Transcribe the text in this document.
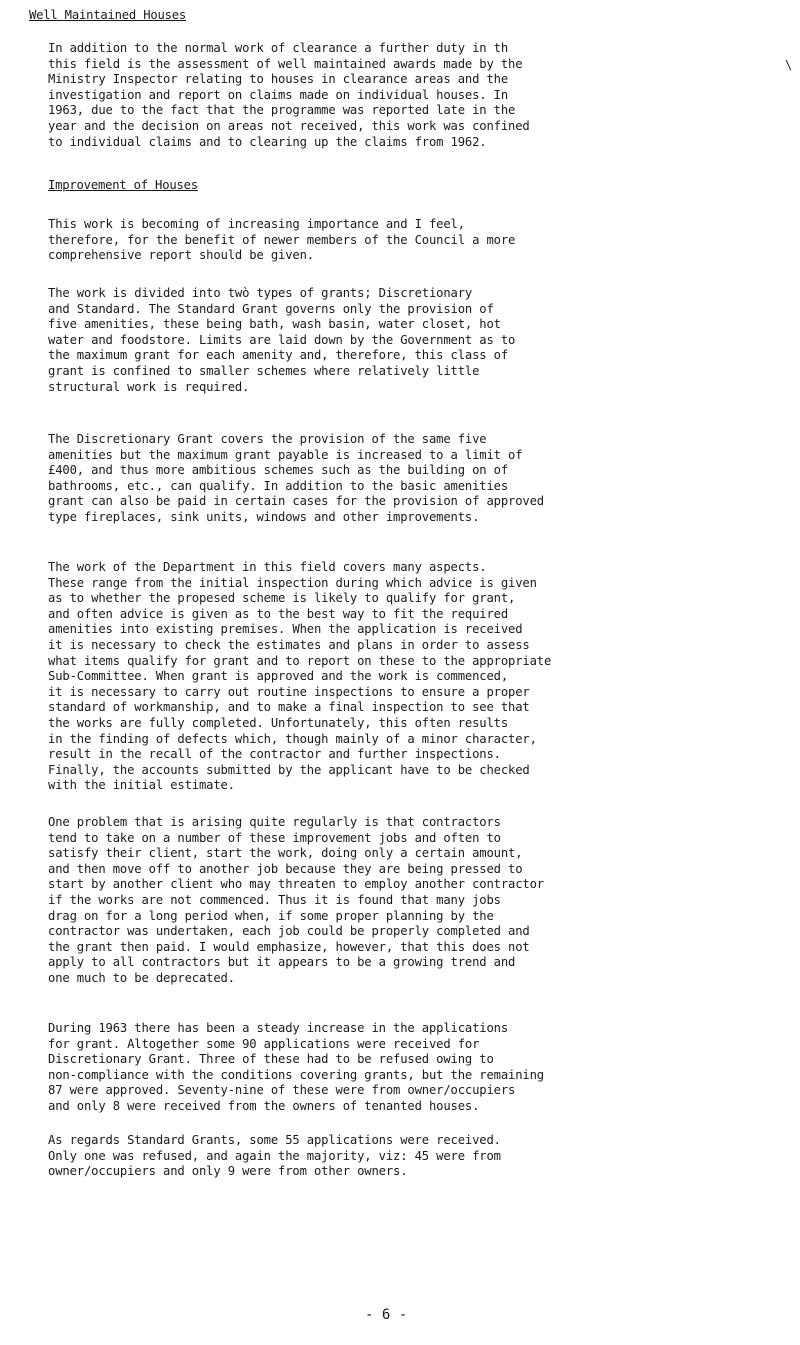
Well Maintained Houses
\
In addition to the normal work of clearance a further duty in th
this field is the assessment of well maintained awards made by the
Ministry Inspector relating to houses in clearance areas and the
investigation and report on claims made on individual houses. In
1963, due to the fact that the programme was reported late in the
year and the decision on areas not received, this work was confined
to individual claims and to clearing up the claims from 1962.
Improvement of Houses
This work is becoming of increasing importance and I feel,
therefore, for the benefit of newer members of the Council a more
comprehensive report should be given.
The work is divided into twò types of grants; Discretionary
and Standard. The Standard Grant governs only the provision of
five amenities, these being bath, wash basin, water closet, hot
water and foodstore. Limits are laid down by the Government as to
the maximum grant for each amenity and, therefore, this class of
grant is confined to smaller schemes where relatively little
structural work is required.
The Discretionary Grant covers the provision of the same five
amenities but the maximum grant payable is increased to a limit of
£400, and thus more ambitious schemes such as the building on of
bathrooms, etc., can qualify. In addition to the basic amenities
grant can also be paid in certain cases for the provision of approved
type fireplaces, sink units, windows and other improvements.
The work of the Department in this field covers many aspects.
These range from the initial inspection during which advice is given
as to whether the propesed scheme is likely to qualify for grant,
and often advice is given as to the best way to fit the required
amenities into existing premises. When the application is received
it is necessary to check the estimates and plans in order to assess
what items qualify for grant and to report on these to the appropriate
Sub-Committee. When grant is approved and the work is commenced,
it is necessary to carry out routine inspections to ensure a proper
standard of workmanship, and to make a final inspection to see that
the works are fully completed. Unfortunately, this often results
in the finding of defects which, though mainly of a minor character,
result in the recall of the contractor and further inspections.
Finally, the accounts submitted by the applicant have to be checked
with the initial estimate.
One problem that is arising quite regularly is that contractors
tend to take on a number of these improvement jobs and often to
satisfy their client, start the work, doing only a certain amount,
and then move off to another job because they are being pressed to
start by another client who may threaten to employ another contractor
if the works are not commenced. Thus it is found that many jobs
drag on for a long period when, if some proper planning by the
contractor was undertaken, each job could be properly completed and
the grant then paid. I would emphasize, however, that this does not
apply to all contractors but it appears to be a growing trend and
one much to be deprecated.
During 1963 there has been a steady increase in the applications
for grant. Altogether some 90 applications were received for
Discretionary Grant. Three of these had to be refused owing to
non-compliance with the conditions covering grants, but the remaining
87 were approved. Seventy-nine of these were from owner/occupiers
and only 8 were received from the owners of tenanted houses.
As regards Standard Grants, some 55 applications were received.
Only one was refused, and again the majority, viz: 45 were from
owner/occupiers and only 9 were from other owners.
- 6 -
